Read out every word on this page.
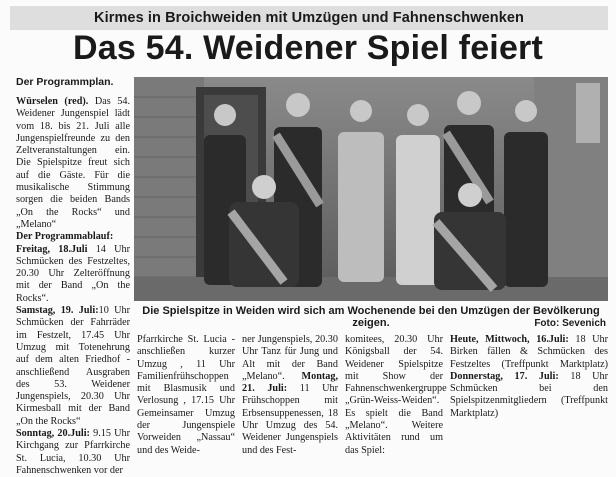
Kirmes in Broichweiden mit Umzügen und Fahnenschwenken
Das 54. Weidener Spiel feiert
Der Programmplan.

Würselen (red). Das 54. Weidener Jungenspiel lädt vom 18. bis 21. Juli alle Jungenspielfreunde zu den Zeltveranstaltungen ein. Die Spielspitze freut sich auf die Gäste. Für die musikalische Stimmung sorgen die beiden Bands „On the Rocks“ und „Melano“
Der Programmablauf:

Freitag, 18.Juli 14 Uhr Schmücken des Festzeltes, 20.30 Uhr Zelteröffnung mit der Band „On the Rocks“.

Samstag, 19. Juli:10 Uhr Schmücken der Fahrräder im Festzelt, 17.45 Uhr Umzug mit Totenehrung auf dem alten Friedhof - anschließend Ausgraben des 53. Weidener Jungenspiels, 20.30 Uhr Kirmesball mit der Band „On the Rocks“

Sonntag, 20.Juli: 9.15 Uhr Kirchgang zur Pfarrkirche St. Lucia, 10.30 Uhr Fahnenschwenken vor der

Die Spielspitze in Weiden wird sich am Wochenende bei den Umzügen der Bevölkerung zeigen.	Foto: Sevenich

Pfarrkirche St. Lucia - anschließen kurzer Umzug , 11 Uhr Familienfrühschoppen mit Blasmusik und Verlosung , 17.15 Uhr Gemeinsamer Umzug der Jungenspiele Vorweiden „Nassau“ und des Weide-

ner Jungenspiels, 20.30 Uhr Tanz für Jung und Alt mit der Band „Melano“. Montag, 21. Juli: 11 Uhr Frühschoppen mit Erbsensuppenessen, 18 Uhr Umzug des 54. Weidener Jungenspiels und des Fest-

komitees, 20.30 Uhr Königsball der 54. Weidener Spielspitze mit Show der Fahnenschwenkergruppe „Grün-Weiss-Weiden“. Es spielt die Band „Melano“. Weitere Aktivitäten rund um das Spiel:

Heute, Mittwoch, 16.Juli: 18 Uhr Birken fällen & Schmücken des Festzeltes (Treffpunkt Marktplatz) Donnerstag, 17. Juli: 18 Uhr Schmücken bei den Spielspitzenmitgliedern (Treffpunkt Marktplatz)
